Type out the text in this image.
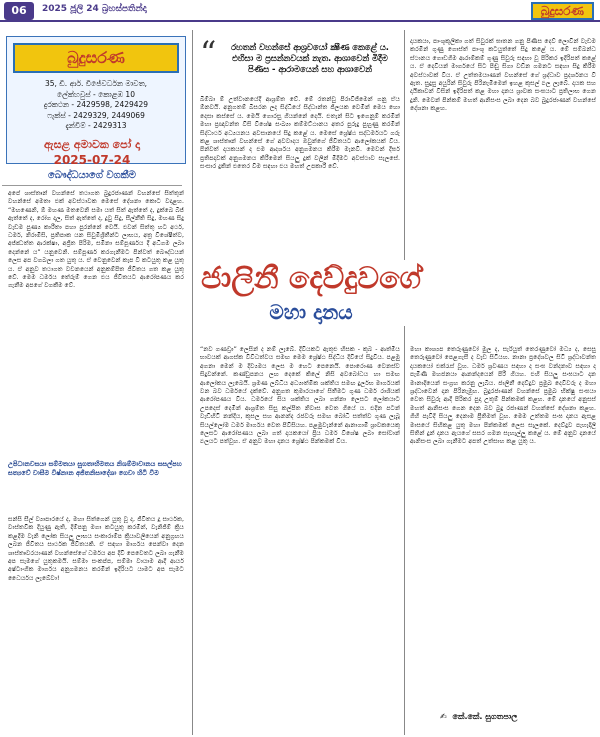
06	2025 ජූලි 24 බ්‍රහස්පතින්දා	බුදුසරණ
බුදුසරණ
35, ඩී. ආර්. විජේවර්ධන මාවත,
ලේක්හවුස් - කොළඹ 10
දුරකථන - 2429598, 2429429
ෆැක්ස් - 2429329, 2449069
දැන්වීම් - 2429313
ඇසළ අමාවක පෝ දා
2025-07-24
බෞද්ධයාගේ වගකීම
අපේ ශාස්තෘන් වහන්සේ තථාගත බුදුරජාණන් වහන්සේ සිත්තුන් වහන්සේ අමතා එක් අවස්ථාවක මෙසේ දේශනා කොට වදාළහ. “මහණෙනි, ඕ මහණ මතවෙනි සමා යත් සිත් ඇත්තේ ද, දුක්ඛෙ බීජ් ඇත්තේ ද, රෝග දාල, සිත් ඇත්තේ ද, දූවු සිදු, සීල්නීති සිදු, මහණ සිදු වැඩම පුණ්‍ය කාරීතා පහා පුරන්නේ වෙයි. එවන් සිත්තු හට අර්ථ, ධර්ම, නිරාමිසි, ප්‍රතිපාක යන සිවුමිශ්‍රිතීන්ට ලාභය, අත්‍ර විශේෂීත්ව, අජ්ඣත්ත ආරක්ෂා, අජ්‍රිත පිරිම, සමිනා සම්පූර්ණය දී අධිගම ලබා දෙන්නේ ය” යනුවෙනි. සම්පූර්ණ කරගැනීමට පින්වත් බෞද්ධයන් ලෙස අප වගබලා ගත යුතු ය. ඒ වෙනුවෙන් කැප වී කටයුතු කළ යුතු ය. ඒ අනුව තථාගත වචනයෙන් අනුකම්පිත ජීවිතය ගත කළ යුතු වේ. මෙම ධර්මය තේරුම් ගෙන එය ජීවිතයට ආරෝපණය කර ගැනීම අපගේ වගකීම වේ.
උපිධානවසයා සම්මතයා සුගතාභිමතය නිශම්මාවානය සසල්පහ සත්‍යවේ වාසීම විෂ්නාන අජිතනිසාදේශා ගෙවා හිටි වීම
සන්සි සීල් ව්‍යාපාරයේ ද, මහා සිත්ගෙන් යුතු වූ ද, ජීවිතය දූ සාර්ථක, වාස්තවික දියුණු ඇති, දිම්පනු මගා කටයුතු කරමින්, වැනිජිම් ක්‍රිය කළදීම වැනි ලෝක සියලු ලාභය සංකාරාම්ප ක්‍රියාවලියෙන් අනුග්‍රහය ලබන ජීවිතය සාර්ථක ජීවිතයකි. ඒ සඳහා මාර්ගය පෙන්වා දෙන ශාස්තෘවරයාණන් වහන්සේගේ ධර්මය අප දිවි පෙවෙතට ලබා ගැනීම අප සැමගේ යුතුකමයි. සම්මා සංකප්ප, සම්මා වායාම ආදී ආර්ය අෂ්ටාංගික මාර්ගය අනුගමනය කරමින් ඉදිරියට යාමට අප සැමට ධෛර්යය ලැබේවා!
“	රහතන් වහන්සේ ආශ්‍රවයෝ ක්‍ෂීණ කෙළේ ය. එහිසා ම ප්‍රසන්නවයක් නැත. ආශාවෙන් මිදීම පිණිස - ආරාමයෙන් සහ ආශාවෙන්
බිම්බා ම් උත්වානයේදී ආශ්‍රම්ත වේ. මේ රතන්ඩු පිරාවිජිමෙන් ගනු ඒය ඕනවයි. අනුගතම් බිසරන ලද සිද්ධියේ සිද්ධාන්ත ජිලයක වෙමින් මෙය හො දෙසා කස්සේ ය. මෙයි ගොරසු ගියන්නේ දෙයි. එතැන් සිට ඉගෙනුම් කරමින් මහා ප්‍රඥාවන්ත විසි විශේෂ සංඛ්‍යා කම්මට්ඨානය අතර පුරුදු පුහුණු කරමින් සිද්ධාර්ථ අධ්‍යයනය අවසානයේ සිදු කළේ ය. මෙසේ ශ්‍රේෂ්ඨ සද්ධර්මයට ගරු කළ ශාස්තෘන් වහන්සේ ගේ අවවාදය ඔවුන්ගේ ජීවිතයට ආලෝකයක් විය. පින්වත් දායකයන් ද එම ආදර්ශය අනුගමනය කිරීම මැනවි. මෙවන් දීර්ඝ ප්‍රතිපදාවක් අනුගමනය කිරීමෙන් සියලු දුක් වලින් මිදීමට අවස්ථාව සැලසේ. සංසාර දුකින් එතෙර වීම සඳහා එය මහත් උපකාරී වේ.
දායකයා, පාංශුකූලිකා ගත් සිවුරක් ඝාතන ගනු පිණිස දෙව් ලොවින් වැඩම කරමින් ගුණු ගොස්ත් පාංශු කටයුත්තේ සිදු කළේ ය. මේ සම්බන්ධ ස්ථානය ගොඩගිම ආරාම්කම් ගුණු සිවුරු සඳහා වූ පිරිකර ඉදිරිපත් කළේ ය. ඒ දෙවියන් මාර්ගයේ සිට පිඬු සිගා වඩින ගමනට සඳහා සිදු කිරීම අවස්ථාවක් විය. ඒ උත්තමයාණන් වහන්සේ ගේ ශ්‍රද්ධාව ප්‍රදර්ශනය වී ඇත. සුදුසු අයුරින් සිවුරු පිරිනැමීමෙන් ඉහළ කුසල් ඵල ලැබේ. දායක සහ දායිකාවන් විසින් ඉදිරිපත් කළ මහා දානය ශ්‍රාවක සංඝයාට ප්‍රතිලාභ ගෙන දුනි. මෙවන් පින්කම් මහත් ආනිසංස ලබා දෙන බව බුදුරජාණන් වහන්සේ දේශනා කළහ.
ජාලිනී දෙව්දුවගේ
මහා දානය
“නව ගණඩ්‍රා” ලෙසින් ද නම් ලැබේ. දිවියකට ඇතුළු හිසක - කුබ - ආත්මීය භාවයක් ආගස්ක විවිධත්වය සමඟ මෙම ශ්‍රේෂ්ඨ සිද්ධිය දිවියේ සිදුවිය. පළමු අගනා මෙන් ම දිව්‍යමය ලෙස ම හෙට පෙනෙයි. පොරොණ වෙනස්ව සිදුවන්නේ. කණ්ඩුපනය ලඟ දෙකේ කිලේ නිසි අවබෝධය හා සමඟ ආලෝකය ලැබෙයි. ශ්‍රමණ ලබ්ධිය අධ්‍යාත්මික ශක්තිය සමඟ දුර්ලභ මාර්ගයක් වන බව ධර්මයේ දැක්වේ. අනුගත කුමාරයාගේ සිතීමට ගුණ ධර්ම රාශියක් ආරෝපණය විය. ධර්මයේ සිය ශක්තිය ලබා ගන්නා ලෙසට ලෝකයාට උපදෙස් දෙමින් ආශ්‍රම්ත සිසු කල්පිත නිවාස වෙත ගියේ ය. එදින පටන් වැඩිහිටි නන්දිය, කුසල සහ ආනන්ද රජවරු සමඟ බෝධි සත්ත්ව ගුණ ලැබූ සියල්ලෝම ධර්ම මාර්ගය වෙත පිවිසියහ. පළමුවැන්නේ ආනාගාමී ශ්‍රාවකයෙකු ලෙසට ආරෝපණය ලබා ගත් දායකයෝ ප්‍රිය ධර්ම විශේෂ ලබා සෝවාන් ඵලයට පත්වූහ. ඒ අනුව මහා දානය ශ්‍රේෂ්ඨ පින්කමක් විය.
මහා කාශ්‍යප තෙරුණුවෝ මුල ද, සැරියුත් තෙරණුවෝ මධ්‍ය ද, සෙසු තෙරුණුවෝ පෙළගැසී ද වැඩ සිටියහ. නානා ප්‍රදේශවල සිටි ශ්‍රද්ධාවන්ත දායකයෝ එක්රැස් වූහ. ධර්ම ශ්‍රවණය සඳහා ද සංඝ වන්දනාව සඳහා ද පැමිණි මහජනයා ආනන්දයෙන් පිරී ගියහ. එහි සියලු සංඝයාට දාන මානාදියෙන් සංග්‍රහ කරනු ලැබීය. ජාලිනී දෙව්දුව ප්‍රමුඛ දෙවිවරු ද මහා ශ්‍රද්ධාවෙන් දාන පිරිනැමූහ. බුදුරජාණන් වහන්සේ ප්‍රමුඛ භික්ෂු සංඝයා වෙත සිවුරු ආදී පිරිකර පුදා උතුම් පින්කමක් කළහ. මේ දානයේ අනුසස් මහත් ආනිසංස ගෙන දෙන බව බුදු රජාණන් වහන්සේ දේශනා කළහ. ගිහි පැවිදි සියලු දෙනාම ප්‍රීතිමත් වූහ. මෙම උත්තම සංඝ දානය ඇසළ මාසයේ සිහිකළ යුතු මහා පින්කමක් ලෙස සැලකේ. දෙව්දුව පැහැදිලි සිතින් දුන් දානය ඇයගේ සසර ගමන සැහැල්ලු කළේ ය. මේ අනුව දානයේ ආනිසංස ලබා ගැනීමට අපත් උත්සාහ කළ යුතු ය.
✍ කේ.කේ. සුගතපාල
